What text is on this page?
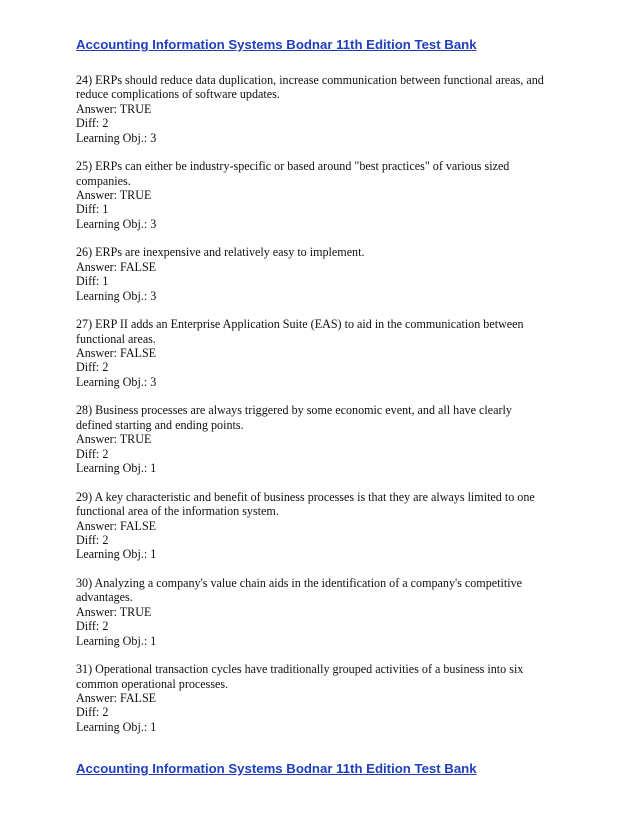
Accounting Information Systems Bodnar 11th Edition Test Bank
24) ERPs should reduce data duplication, increase communication between functional areas, and
reduce complications of software updates.
Answer: TRUE
Diff: 2
Learning Obj.: 3
25) ERPs can either be industry-specific or based around "best practices" of various sized
companies.
Answer: TRUE
Diff: 1
Learning Obj.: 3
26) ERPs are inexpensive and relatively easy to implement.
Answer: FALSE
Diff: 1
Learning Obj.: 3
27) ERP II adds an Enterprise Application Suite (EAS) to aid in the communication between
functional areas.
Answer: FALSE
Diff: 2
Learning Obj.: 3
28) Business processes are always triggered by some economic event, and all have clearly
defined starting and ending points.
Answer: TRUE
Diff: 2
Learning Obj.: 1
29) A key characteristic and benefit of business processes is that they are always limited to one
functional area of the information system.
Answer: FALSE
Diff: 2
Learning Obj.: 1
30) Analyzing a company's value chain aids in the identification of a company's competitive
advantages.
Answer: TRUE
Diff: 2
Learning Obj.: 1
31) Operational transaction cycles have traditionally grouped activities of a business into six
common operational processes.
Answer: FALSE
Diff: 2
Learning Obj.: 1
Accounting Information Systems Bodnar 11th Edition Test Bank
